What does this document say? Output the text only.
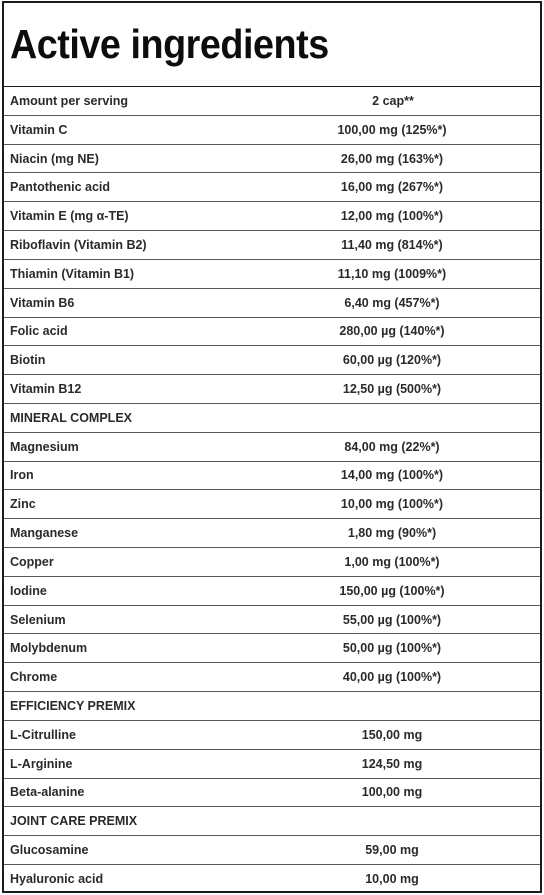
Active ingredients
Amount per serving	2 cap**
Vitamin C	100,00 mg (125%*)
Niacin (mg NE)	26,00 mg (163%*)
Pantothenic acid	16,00 mg (267%*)
Vitamin E (mg α-TE)	12,00 mg (100%*)
Riboflavin (Vitamin B2)	11,40 mg (814%*)
Thiamin (Vitamin B1)	11,10 mg (1009%*)
Vitamin B6	6,40 mg (457%*)
Folic acid	280,00 µg (140%*)
Biotin	60,00 µg (120%*)
Vitamin B12	12,50 µg (500%*)
MINERAL COMPLEX
Magnesium	84,00 mg (22%*)
Iron	14,00 mg (100%*)
Zinc	10,00 mg (100%*)
Manganese	1,80 mg (90%*)
Copper	1,00 mg (100%*)
Iodine	150,00 µg (100%*)
Selenium	55,00 µg (100%*)
Molybdenum	50,00 µg (100%*)
Chrome	40,00 µg (100%*)
EFFICIENCY PREMIX
L-Citrulline	150,00 mg
L-Arginine	124,50 mg
Beta-alanine	100,00 mg
JOINT CARE PREMIX
Glucosamine	59,00 mg
Hyaluronic acid	10,00 mg
